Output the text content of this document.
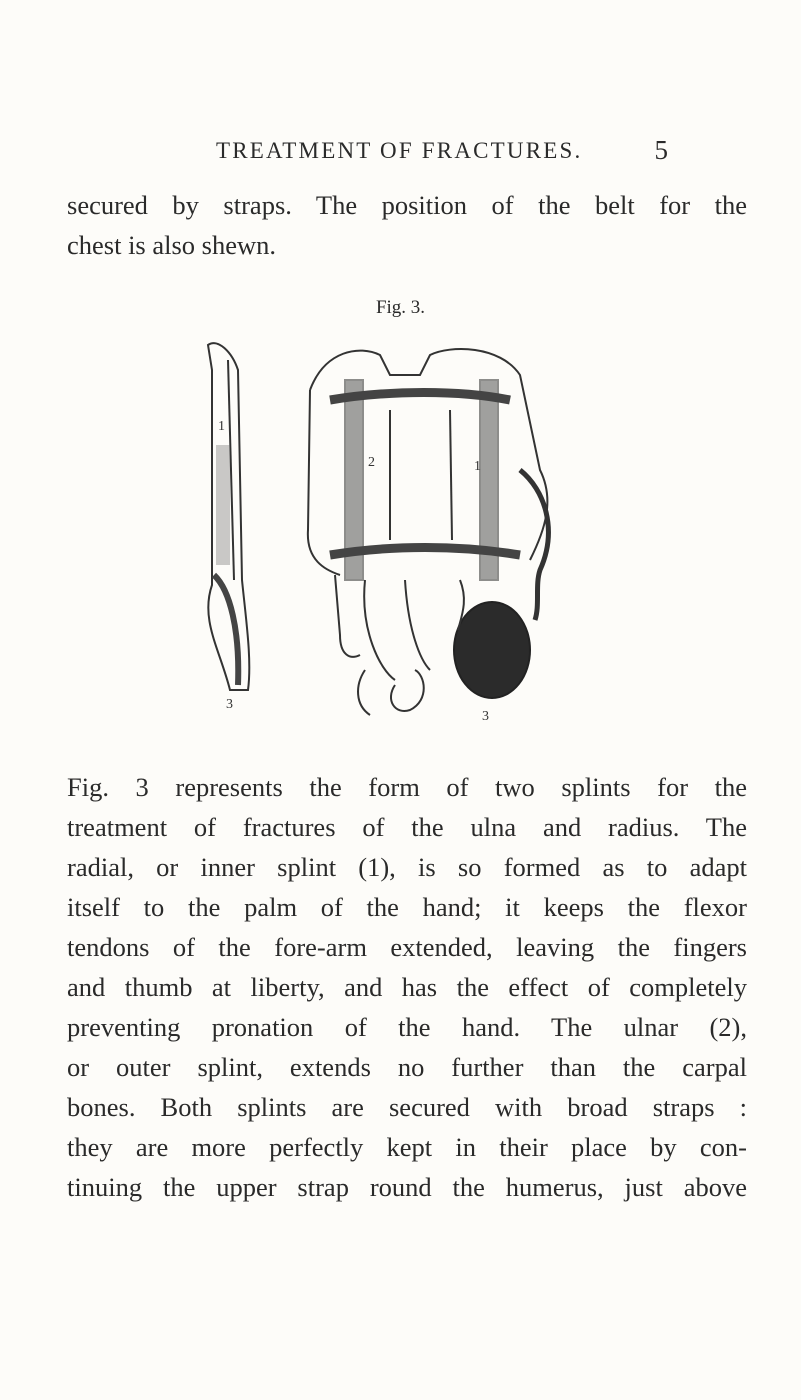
TREATMENT OF FRACTURES.	5
secured by straps. The position of the belt for the
chest is also shewn.
Fig. 3.
1
3
2	1
3
Fig. 3 represents the form of two splints for the
treatment of fractures of the ulna and radius. The
radial, or inner splint (1), is so formed as to adapt
itself to the palm of the hand; it keeps the flexor
tendons of the fore-arm extended, leaving the fingers
and thumb at liberty, and has the effect of completely
preventing pronation of the hand. The ulnar (2),
or outer splint, extends no further than the carpal
bones. Both splints are secured with broad straps :
they are more perfectly kept in their place by con-
tinuing the upper strap round the humerus, just above
